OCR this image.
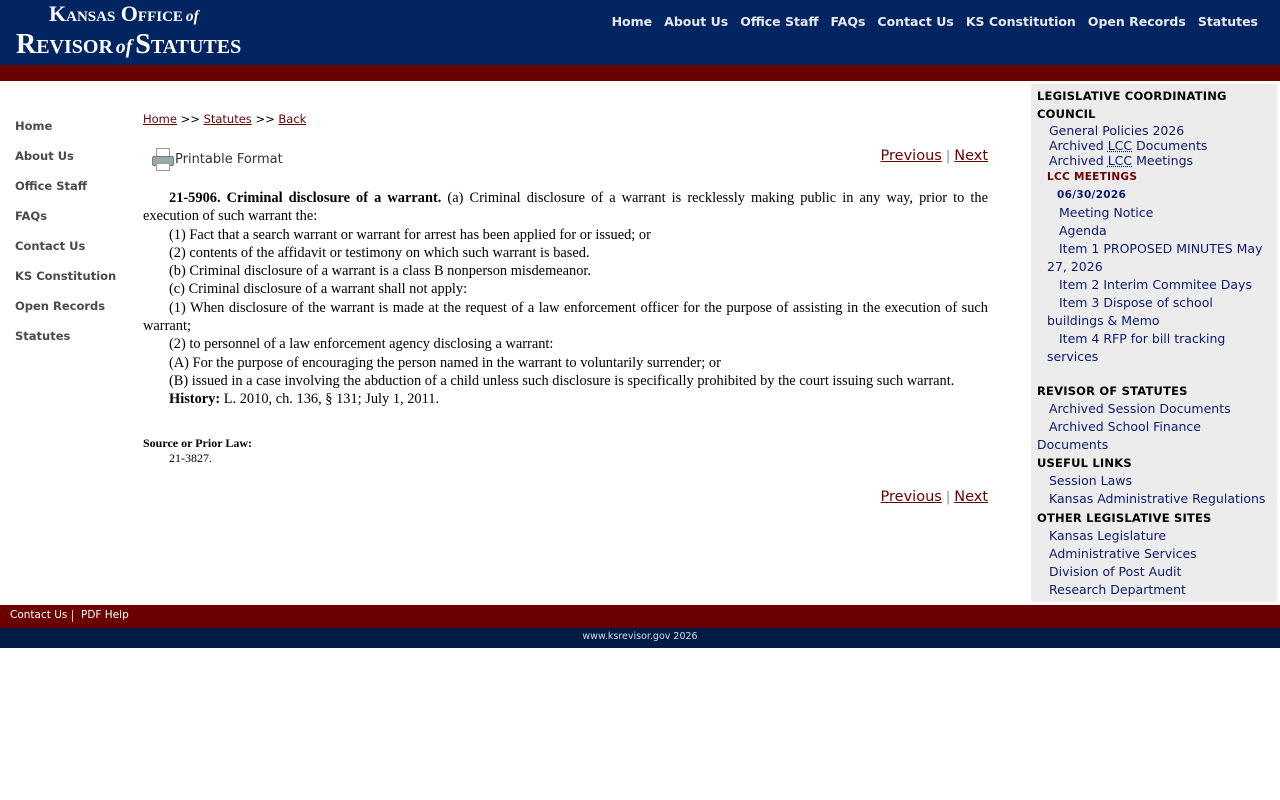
Kansas Office of
Revisor of Statutes
Home About Us Office Staff FAQs Contact Us KS Constitution Open Records Statutes
Home
About Us
Office Staff
FAQs
Contact Us
KS Constitution
Open Records
Statutes
Home >> Statutes >> Back
Printable Format	Previous | Next

21-5906. Criminal disclosure of a warrant. (a) Criminal disclosure of a warrant is recklessly making public in any way, prior to the execution of such warrant the:

(1) Fact that a search warrant or warrant for arrest has been applied for or issued; or

(2) contents of the affidavit or testimony on which such warrant is based.

(b) Criminal disclosure of a warrant is a class B nonperson misdemeanor.

(c) Criminal disclosure of a warrant shall not apply:

(1) When disclosure of the warrant is made at the request of a law enforcement officer for the purpose of assisting in the execution of such warrant;

(2) to personnel of a law enforcement agency disclosing a warrant:

(A) For the purpose of encouraging the person named in the warrant to voluntarily surrender; or

(B) issued in a case involving the abduction of a child unless such disclosure is specifically prohibited by the court issuing such warrant.

History: L. 2010, ch. 136, § 131; July 1, 2011.

Source or Prior Law:
21-3827.
Previous | Next
LEGISLATIVE COORDINATING COUNCIL
General Policies 2026
Archived LCC Documents
Archived LCC Meetings
LCC MEETINGS
06/30/2026
Meeting Notice
Agenda
Item 1 PROPOSED MINUTES May 27, 2026
Item 2 Interim Commitee Days
Item 3 Dispose of school buildings & Memo
Item 4 RFP for bill tracking services
REVISOR OF STATUTES
Archived Session Documents
Archived School Finance Documents
USEFUL LINKS
Session Laws
Kansas Administrative Regulations
OTHER LEGISLATIVE SITES
Kansas Legislature
Administrative Services
Division of Post Audit
Research Department
Contact Us PDF Help
www.ksrevisor.gov 2026
